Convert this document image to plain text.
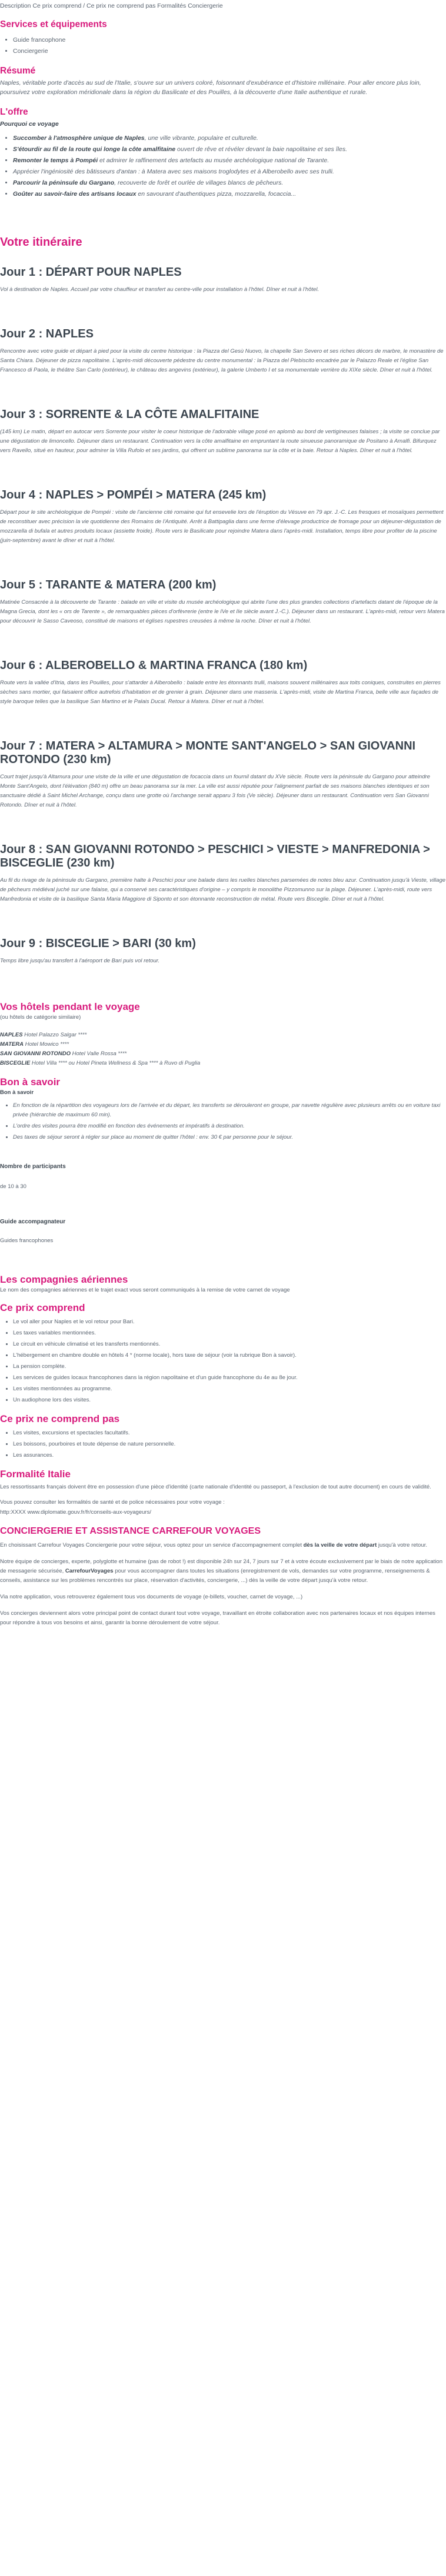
Description Ce prix comprend / Ce prix ne comprend pas Formalités Conciergerie
Services et équipements
• Guide francophone
• Conciergerie
Résumé

Naples, véritable porte d'accès au sud de l'Italie, s'ouvre sur un univers coloré, foisonnant d'exubérance et d'histoire millénaire. Pour aller encore plus loin, poursuivez votre exploration méridionale dans la région du Basilicate et des Pouilles, à la découverte d'une Italie authentique et rurale.

L'offre
Pourquoi ce voyage
• Succomber à l'atmosphère unique de Naples, une ville vibrante, populaire et culturelle.
• S'étourdir au fil de la route qui longe la côte amalfitaine ouvert de rêve et révéler devant la baie napolitaine et ses îles.
• Remonter le temps à Pompéi et admirer le raffinement des artefacts au musée archéologique national de Tarante.
• Apprécier l'ingéniosité des bâtisseurs d'antan : à Matera avec ses maisons troglodytes et à Alberobello avec ses trulli.
• Parcourir la péninsule du Gargano, recouverte de forêt et ourlée de villages blancs de pêcheurs.
• Goûter au savoir-faire des artisans locaux en savourant d'authentiques pizza, mozzarella, focaccia...
Votre itinéraire
Jour 1 : DÉPART POUR NAPLES

Vol à destination de Naples. Accueil par votre chauffeur et transfert au centre-ville pour installation à l'hôtel. Dîner et nuit à l'hôtel.

Jour 2 : NAPLES

Rencontre avec votre guide et départ à pied pour la visite du centre historique : la Piazza del Gesù Nuovo, la chapelle San Severo et ses riches décors de marbre, le monastère de Santa Chiara. Déjeuner de pizza napolitaine. L'après-midi découverte pédestre du centre monumental : la Piazza del Plebiscito encadrée par le Palazzo Reale et l'église San Francesco di Paola, le théâtre San Carlo (extérieur), le château des angevins (extérieur), la galerie Umberto I et sa monumentale verrière du XIXe siècle. Dîner et nuit à l'hôtel.

Jour 3 : SORRENTE & LA CÔTE AMALFITAINE

(145 km) Le matin, départ en autocar vers Sorrente pour visiter le coeur historique de l'adorable village posé en aplomb au bord de vertigineuses falaises ; la visite se conclue par une dégustation de limoncello. Déjeuner dans un restaurant. Continuation vers la côte amalfitaine en empruntant la route sinueuse panoramique de Positano à Amalfi. Bifurquez vers Ravello, situé en hauteur, pour admirer la Villa Rufolo et ses jardins, qui offrent un sublime panorama sur la côte et la baie. Retour à Naples. Dîner et nuit à l'hôtel.

Jour 4 : NAPLES > POMPÉI > MATERA (245 km)

Départ pour le site archéologique de Pompéi : visite de l'ancienne cité romaine qui fut ensevelie lors de l'éruption du Vésuve en 79 apr. J.-C. Les fresques et mosaïques permettent de reconstituer avec précision la vie quotidienne des Romains de l'Antiquité. Arrêt à Battipaglia dans une ferme d'élevage productrice de fromage pour un déjeuner-dégustation de mozzarella di bufala et autres produits locaux (assiette froide). Route vers le Basilicate pour rejoindre Matera dans l'après-midi. Installation, temps libre pour profiter de la piscine (juin-septembre) avant le dîner et nuit à l'hôtel.

Jour 5 : TARANTE & MATERA (200 km)

Matinée Consacrée à la découverte de Tarante : balade en ville et visite du musée archéologique qui abrite l'une des plus grandes collections d'artefacts datant de l'époque de la Magna Grecia, dont les « ors de Tarente », de remarquables pièces d'orfèvrerie (entre le IVe et IIe siècle avant J.-C.). Déjeuner dans un restaurant. L'après-midi, retour vers Matera pour découvrir le Sasso Caveoso, constitué de maisons et églises rupestres creusées à même la roche. Dîner et nuit à l'hôtel.

Jour 6 : ALBEROBELLO & MARTINA FRANCA (180 km)

Route vers la vallée d'Itria, dans les Pouilles, pour s'attarder à Alberobello : balade entre les étonnants trulli, maisons souvent millénaires aux toits coniques, construites en pierres sèches sans mortier, qui faisaient office autrefois d'habitation et de grenier à grain. Déjeuner dans une masseria. L'après-midi, visite de Martina Franca, belle ville aux façades de style baroque telles que la basilique San Martino et le Palais Ducal. Retour à Matera. Dîner et nuit à l'hôtel.

Jour 7 : MATERA > ALTAMURA > MONTE SANT'ANGELO > SAN GIOVANNI ROTONDO (230 km)

Court trajet jusqu'à Altamura pour une visite de la ville et une dégustation de focaccia dans un fournil datant du XVe siècle. Route vers la péninsule du Gargano pour atteindre Monte Sant'Angelo, dont l'élévation (840 m) offre un beau panorama sur la mer. La ville est aussi réputée pour l'alignement parfait de ses maisons blanches identiques et son sanctuaire dédié à Saint Michel Archange, conçu dans une grotte où l'archange serait apparu 3 fois (Ve siècle). Déjeuner dans un restaurant. Continuation vers San Giovanni Rotondo. Dîner et nuit à l'hôtel.

Jour 8 : SAN GIOVANNI ROTONDO > PESCHICI > VIESTE > MANFREDONIA > BISCEGLIE (230 km)

Au fil du rivage de la péninsule du Gargano, première halte à Peschici pour une balade dans les ruelles blanches parsemées de notes bleu azur. Continuation jusqu'à Vieste, village de pêcheurs médiéval juché sur une falaise, qui a conservé ses caractéristiques d'origine – y compris le monolithe Pizzomunno sur la plage. Déjeuner. L'après-midi, route vers Manfredonia et visite de la basilique Santa Maria Maggiore di Siponto et son étonnante reconstruction de métal. Route vers Bisceglie. Dîner et nuit à l'hôtel.

Jour 9 : BISCEGLIE > BARI (30 km)

Temps libre jusqu'au transfert à l'aéroport de Bari puis vol retour.

Vos hôtels pendant le voyage
(ou hôtels de catégorie similaire)
NAPLES Hotel Palazzo Salgar ****
MATERA Hotel Mowico ****
SAN GIOVANNI ROTONDO Hotel Valle Rossa ****
BISCEGLIE Hotel Villa **** ou Hotel Pineta Wellness & Spa **** à Ruvo di Puglia
Bon à savoir
Bon à savoir
• En fonction de la répartition des voyageurs lors de l'arrivée et du départ, les transferts se dérouleront en groupe, par navette régulière avec plusieurs arrêts ou en voiture taxi privée (hiérarchie de maximum 60 min).
• L'ordre des visites pourra être modifié en fonction des événements et impératifs à destination.
• Des taxes de séjour seront à régler sur place au moment de quitter l'hôtel : env. 30 € par personne pour le séjour.
Nombre de participants
de 10 à 30
Guide accompagnateur
Guides francophones
Les compagnies aériennes
Le nom des compagnies aériennes et le trajet exact vous seront communiqués à la remise de votre carnet de voyage
Ce prix comprend
• Le vol aller pour Naples et le vol retour pour Bari.
• Les taxes variables mentionnées.
• Le circuit en véhicule climatisé et les transferts mentionnés.
• L'hébergement en chambre double en hôtels 4 * (norme locale), hors taxe de séjour (voir la rubrique Bon à savoir).
• La pension complète.
• Les services de guides locaux francophones dans la région napolitaine et d'un guide francophone du 4e au 8e jour.
• Les visites mentionnées au programme.
• Un audiophone lors des visites.
Ce prix ne comprend pas
• Les visites, excursions et spectacles facultatifs.
• Les boissons, pourboires et toute dépense de nature personnelle.
• Les assurances.
Formalité Italie

Les ressortissants français doivent être en possession d'une pièce d'identité (carte nationale d'identité ou passeport, à l'exclusion de tout autre document) en cours de validité.

Vous pouvez consulter les formalités de santé et de police nécessaires pour votre voyage :

http:XXXX www.diplomatie.gouv.fr/fr/conseils-aux-voyageurs/
CONCIERGERIE ET ASSISTANCE CARREFOUR VOYAGES

En choisissant Carrefour Voyages Conciergerie pour votre séjour, vous optez pour un service d'accompagnement complet dès la veille de votre départ jusqu'à votre retour.

Notre équipe de concierges, experte, polyglotte et humaine (pas de robot !) est disponible 24h sur 24, 7 jours sur 7 et à votre écoute exclusivement par le biais de notre application de messagerie sécurisée, CarrefourVoyages pour vous accompagner dans toutes les situations (enregistrement de vols, demandes sur votre programme, renseignements & conseils, assistance sur les problèmes rencontrés sur place, réservation d'activités, conciergerie, ...) dès la veille de votre départ jusqu'à votre retour.

Via notre application, vous retrouverez également tous vos documents de voyage (e-billets, voucher, carnet de voyage, ...)

Vos concierges deviennent alors votre principal point de contact durant tout votre voyage, travaillant en étroite collaboration avec nos partenaires locaux et nos équipes internes pour répondre à tous vos besoins et ainsi, garantir la bonne déroulement de votre séjour.
